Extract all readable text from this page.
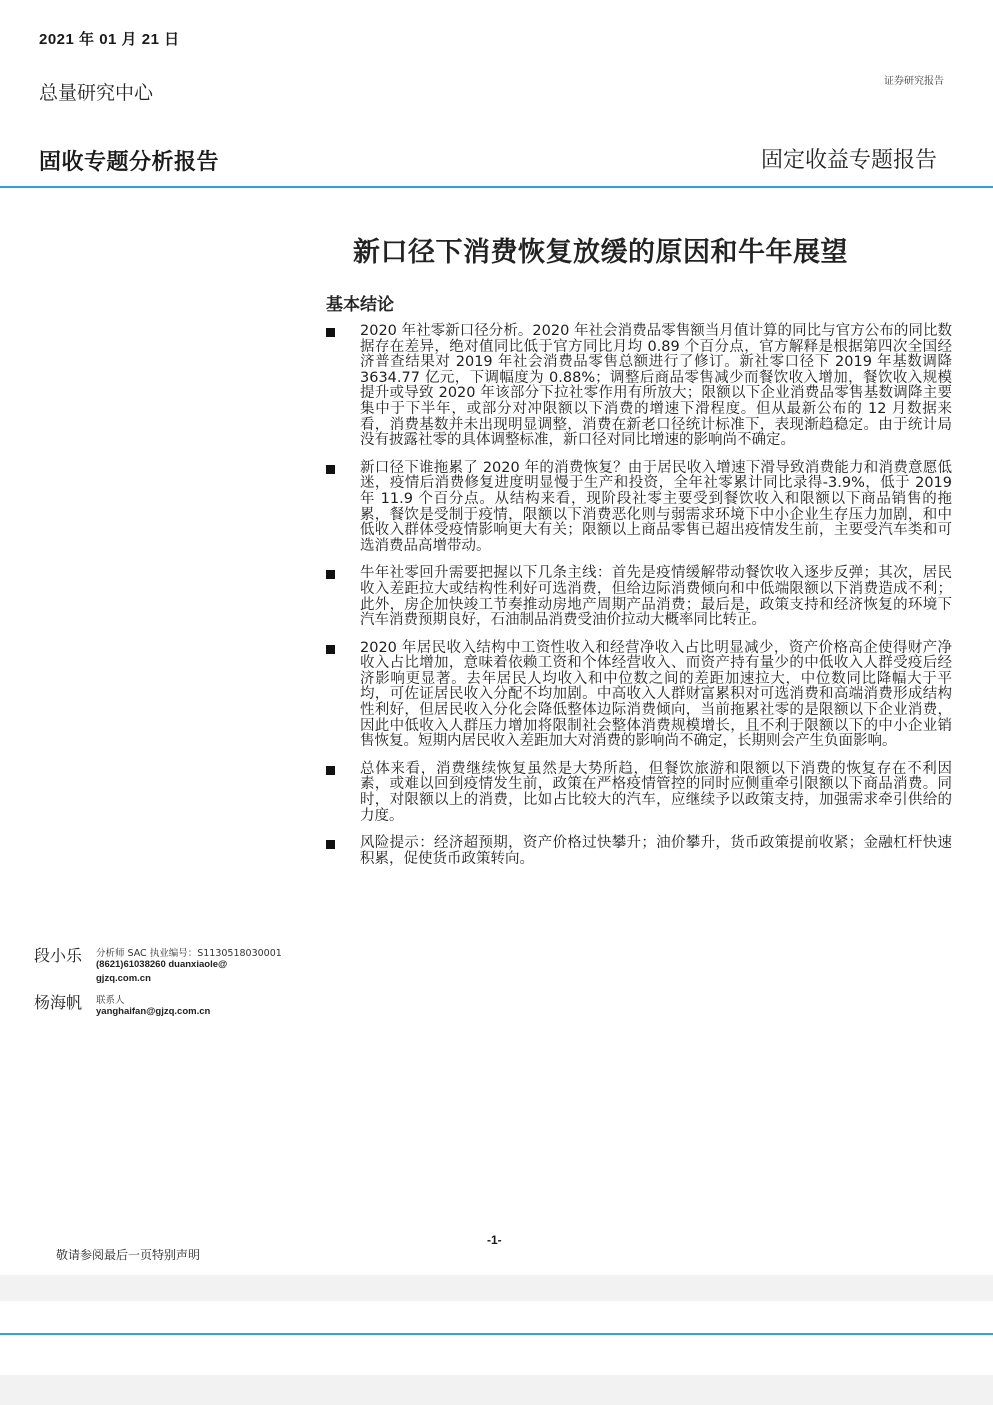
2021 年 01 月 21 日
总量研究中心
证券研究报告
固收专题分析报告	固定收益专题报告
新口径下消费恢复放缓的原因和牛年展望
基本结论
2020 年社零新口径分析。2020 年社会消费品零售额当月值计算的同比与官方公布的同比数据存在差异，绝对值同比低于官方同比月均 0.89 个百分点，官方解释是根据第四次全国经济普查结果对 2019 年社会消费品零售总额进行了修订。新社零口径下 2019 年基数调降 3634.77 亿元，下调幅度为 0.88%；调整后商品零售减少而餐饮收入增加，餐饮收入规模提升或导致 2020 年该部分下拉社零作用有所放大；限额以下企业消费品零售基数调降主要集中于下半年，或部分对冲限额以下消费的增速下滑程度。但从最新公布的 12 月数据来看，消费基数并未出现明显调整，消费在新老口径统计标准下，表现渐趋稳定。由于统计局没有披露社零的具体调整标准，新口径对同比增速的影响尚不确定。
新口径下谁拖累了 2020 年的消费恢复？由于居民收入增速下滑导致消费能力和消费意愿低迷，疫情后消费修复进度明显慢于生产和投资，全年社零累计同比录得-3.9%，低于 2019 年 11.9 个百分点。从结构来看，现阶段社零主要受到餐饮收入和限额以下商品销售的拖累，餐饮是受制于疫情，限额以下消费恶化则与弱需求环境下中小企业生存压力加剧，和中低收入群体受疫情影响更大有关；限额以上商品零售已超出疫情发生前，主要受汽车类和可选消费品高增带动。
牛年社零回升需要把握以下几条主线：首先是疫情缓解带动餐饮收入逐步反弹；其次，居民收入差距拉大或结构性利好可选消费，但给边际消费倾向和中低端限额以下消费造成不利；此外，房企加快竣工节奏推动房地产周期产品消费；最后是，政策支持和经济恢复的环境下汽车消费预期良好，石油制品消费受油价拉动大概率同比转正。
2020 年居民收入结构中工资性收入和经营净收入占比明显减少，资产价格高企使得财产净收入占比增加，意味着依赖工资和个体经营收入、而资产持有量少的中低收入人群受疫后经济影响更显著。去年居民人均收入和中位数之间的差距加速拉大，中位数同比降幅大于平均，可佐证居民收入分配不均加剧。中高收入人群财富累积对可选消费和高端消费形成结构性利好，但居民收入分化会降低整体边际消费倾向，当前拖累社零的是限额以下企业消费，因此中低收入人群压力增加将限制社会整体消费规模增长，且不利于限额以下的中小企业销售恢复。短期内居民收入差距加大对消费的影响尚不确定，长期则会产生负面影响。
总体来看，消费继续恢复虽然是大势所趋，但餐饮旅游和限额以下消费的恢复存在不利因素，或难以回到疫情发生前，政策在严格疫情管控的同时应侧重牵引限额以下商品消费。同时，对限额以上的消费，比如占比较大的汽车，应继续予以政策支持，加强需求牵引供给的力度。
风险提示：经济超预期，资产价格过快攀升；油价攀升，货币政策提前收紧；金融杠杆快速积累，促使货币政策转向。
段小乐 分析师 SAC 执业编号：S1130518030001
(8621)61038260 duanxiaole@
gjzq.com.cn
杨海帆 联系人
yanghaifan@gjzq.com.cn
-1-
敬请参阅最后一页特别声明
